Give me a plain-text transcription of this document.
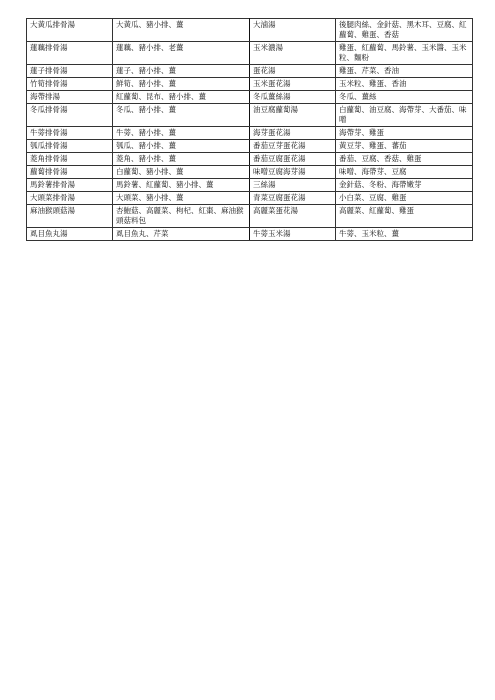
大黃瓜排骨湯	大黃瓜、豬小排、薑	大滷湯	後腿肉絲、金針菇、黑木耳、豆腐、紅蘿蔔、雞蛋、香菇
蓮藕排骨湯	蓮藕、豬小排、老薑	玉米濃湯	雞蛋、紅蘿蔔、馬鈴薯、玉米醬、玉米粒、麵粉
蓮子排骨湯	蓮子、豬小排、薑	蛋花湯	雞蛋、芹菜、香油
竹筍排骨湯	鮮筍、豬小排、薑	玉米蛋花湯	玉米粒、雞蛋、香油
海帶排湯	紅蘿蔔、昆布、豬小排、薑	冬瓜薑絲湯	冬瓜、薑絲
冬瓜排骨湯	冬瓜、豬小排、薑	油豆腐蘿蔔湯	白蘿蔔、油豆腐、海帶芽、大番茄、味噌
牛蒡排骨湯	牛蒡、豬小排、薑	海芽蛋花湯	海帶芽、雞蛋
瓠瓜排骨湯	瓠瓜、豬小排、薑	番茄豆芽蛋花湯	黃豆芽、雞蛋、蕃茄
菱角排骨湯	菱角、豬小排、薑	番茄豆腐蛋花湯	番茄、豆腐、香菇、雞蛋
蘿蔔排骨湯	白蘿蔔、豬小排、薑	味噌豆腐海芽湯	味噌、海帶芽、豆腐
馬鈴薯排骨湯	馬鈴薯、紅蘿蔔、豬小排、薑	三絲湯	金針菇、冬粉、海帶嫩芽
大頭菜排骨湯	大頭菜、豬小排、薑	青菜豆腐蛋花湯	小白菜、豆腐、雞蛋
麻油猴頭菇湯	杏鮑菇、高麗菜、枸杞、紅棗、麻油猴頭菇料包	高麗菜蛋花湯	高麗菜、紅蘿蔔、雞蛋
虱目魚丸湯	虱目魚丸、芹菜	牛蒡玉米湯	牛蒡、玉米粒、薑
